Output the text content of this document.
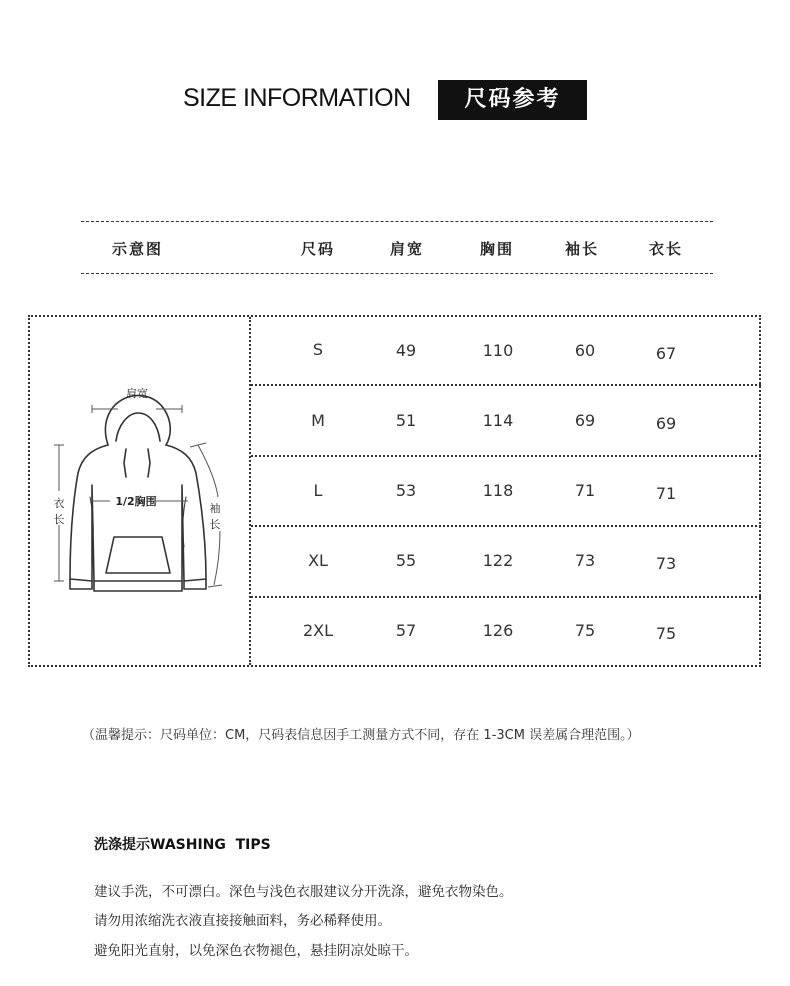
SIZE INFORMATION	尺码参考
示意图	尺码	肩宽	胸围	袖长	衣长
肩宽
1/2胸围
衣
长
袖
长
S	49	110	60	67
M	51	114	69	69
L	53	118	71	71
XL	55	122	73	73
2XL	57	126	75	75
（温馨提示：尺码单位：CM，尺码表信息因手工测量方式不同，存在 1-3CM 误差属合理范围。）
洗涤提示WASHING  TIPS
建议手洗，不可漂白。深色与浅色衣服建议分开洗涤，避免衣物染色。
请勿用浓缩洗衣液直接接触面料，务必稀释使用。
避免阳光直射，以免深色衣物褪色，悬挂阴凉处晾干。
